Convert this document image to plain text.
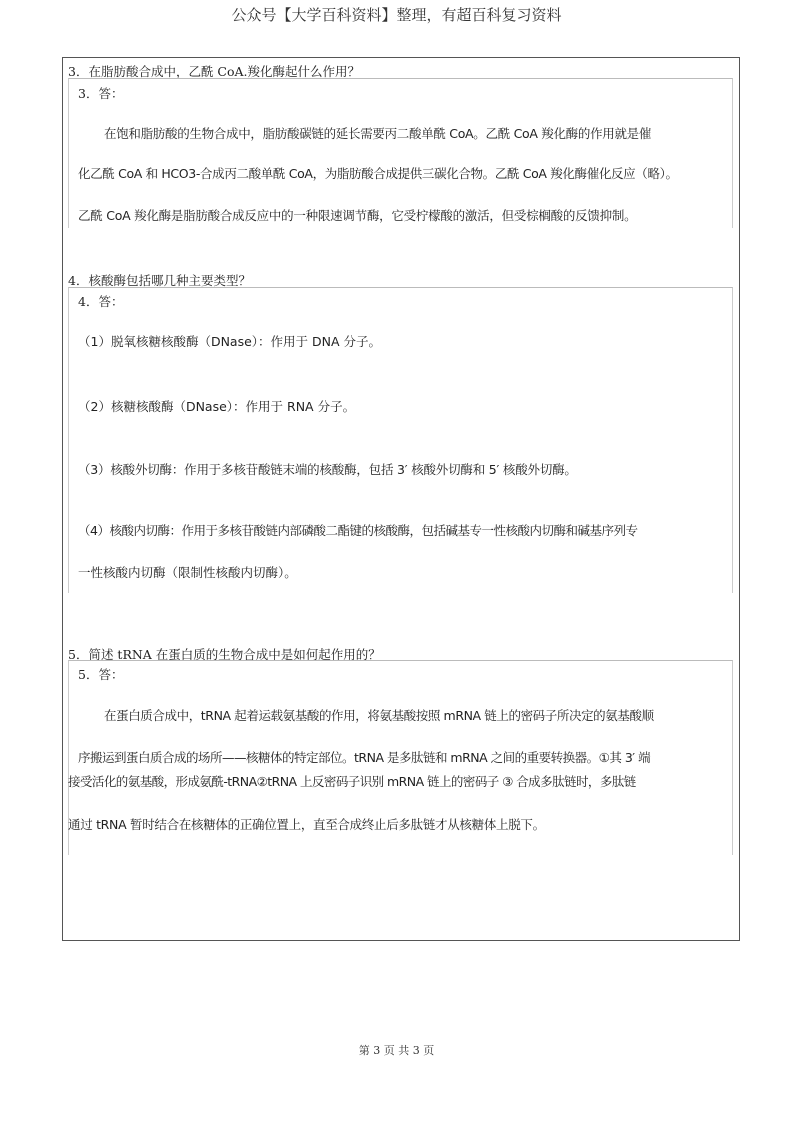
公众号【大学百科资料】整理，有超百科复习资料
3．在脂肪酸合成中，乙酰 CoA.羧化酶起什么作用？
3．答：
在饱和脂肪酸的生物合成中，脂肪酸碳链的延长需要丙二酸单酰 CoA。乙酰 CoA 羧化酶的作用就是催
化乙酰 CoA 和 HCO3-合成丙二酸单酰 CoA，为脂肪酸合成提供三碳化合物。乙酰 CoA 羧化酶催化反应（略）。
乙酰 CoA 羧化酶是脂肪酸合成反应中的一种限速调节酶，它受柠檬酸的激活，但受棕榈酸的反馈抑制。
4．核酸酶包括哪几种主要类型？
4．答：
（1）脱氧核糖核酸酶（DNase）：作用于 DNA 分子。
（2）核糖核酸酶（DNase）：作用于 RNA 分子。
（3）核酸外切酶：作用于多核苷酸链末端的核酸酶，包括 3′ 核酸外切酶和 5′ 核酸外切酶。
（4）核酸内切酶：作用于多核苷酸链内部磷酸二酯键的核酸酶，包括碱基专一性核酸内切酶和碱基序列专
一性核酸内切酶（限制性核酸内切酶）。
5．简述 tRNA 在蛋白质的生物合成中是如何起作用的？
5．答：
在蛋白质合成中，tRNA 起着运载氨基酸的作用，将氨基酸按照 mRNA 链上的密码子所决定的氨基酸顺
序搬运到蛋白质合成的场所——核糖体的特定部位。tRNA 是多肽链和 mRNA 之间的重要转换器。①其 3′ 端
接受活化的氨基酸，形成氨酰-tRNA②tRNA 上反密码子识别 mRNA 链上的密码子 ③ 合成多肽链时，多肽链
通过 tRNA 暂时结合在核糖体的正确位置上，直至合成终止后多肽链才从核糖体上脱下。
第 3 页 共 3 页
